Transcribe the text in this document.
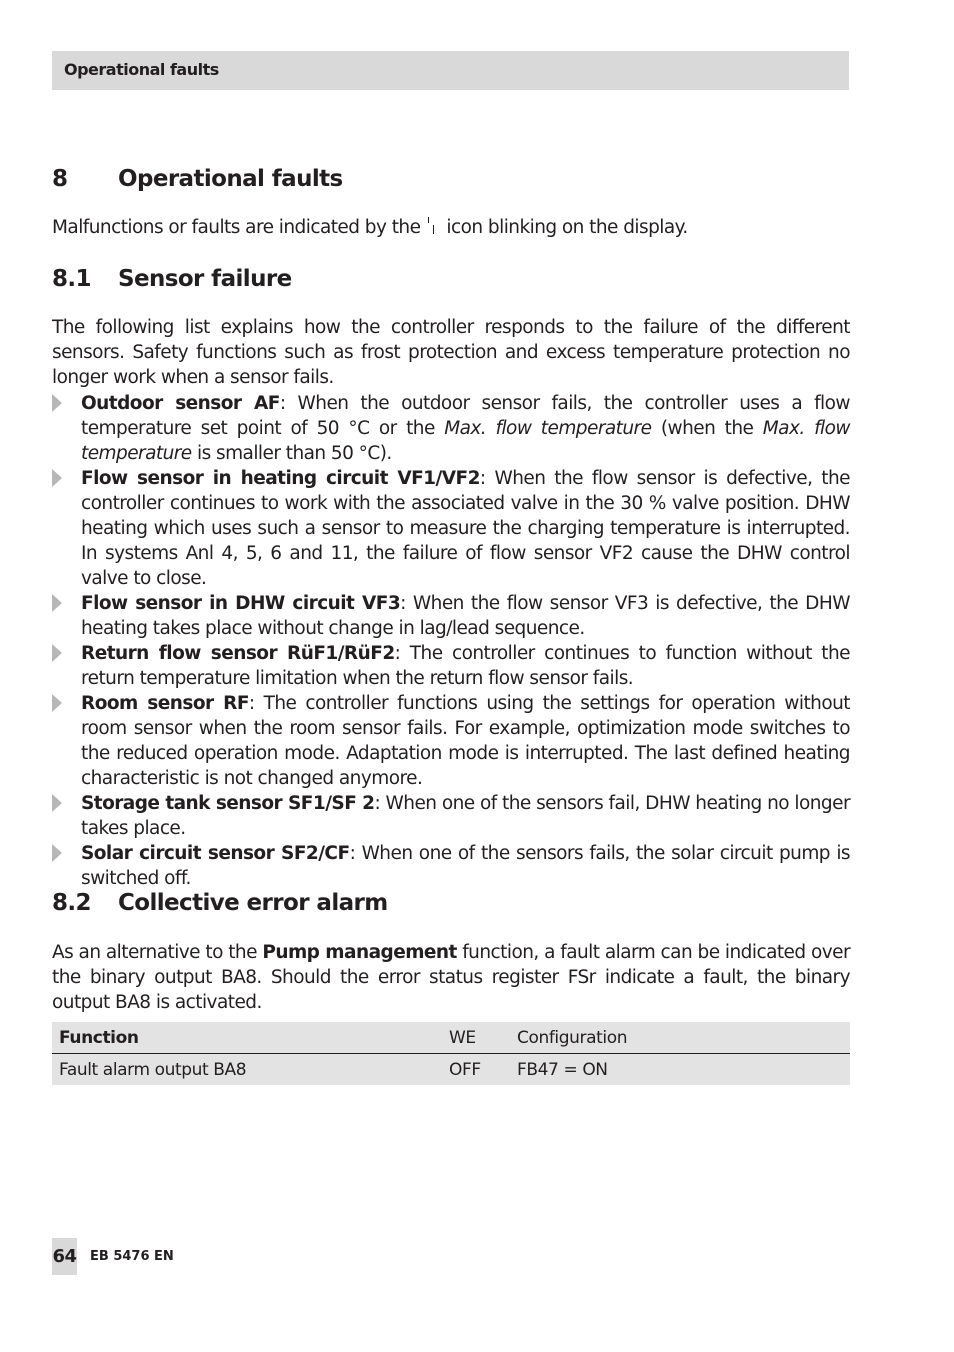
Operational faults
8 Operational faults

Malfunctions or faults are indicated by the icon blinking on the display.

8.1 Sensor failure

The following list explains how the controller responds to the failure of the different sensors. Safety functions such as frost protection and excess temperature protection no longer work when a sensor fails.

Outdoor sensor AF: When the outdoor sensor fails, the controller uses a flow temperature set point of 50 °C or the Max. flow temperature (when the Max. flow temperature is smaller than 50 °C).
Flow sensor in heating circuit VF1/VF2: When the flow sensor is defective, the controller continues to work with the associated valve in the 30 % valve position. DHW heating which uses such a sensor to measure the charging temperature is interrupted. In systems Anl 4, 5, 6 and 11, the failure of flow sensor VF2 cause the DHW control valve to close.
Flow sensor in DHW circuit VF3: When the flow sensor VF3 is defective, the DHW heating takes place without change in lag/lead sequence.
Return flow sensor RüF1/RüF2: The controller continues to function without the return temperature limitation when the return flow sensor fails.
Room sensor RF: The controller functions using the settings for operation without room sensor when the room sensor fails. For example, optimization mode switches to the reduced operation mode. Adaptation mode is interrupted. The last defined heating characteristic is not changed anymore.
Storage tank sensor SF1/SF 2: When one of the sensors fail, DHW heating no longer takes place.
Solar circuit sensor SF2/CF: When one of the sensors fails, the solar circuit pump is switched off.
8.2 Collective error alarm

As an alternative to the Pump management function, a fault alarm can be indicated over the binary output BA8. Should the error status register FSr indicate a fault, the binary output BA8 is activated.

Function	WE	Configuration
Fault alarm output BA8	OFF	FB47 = ON
64 EB 5476 EN
